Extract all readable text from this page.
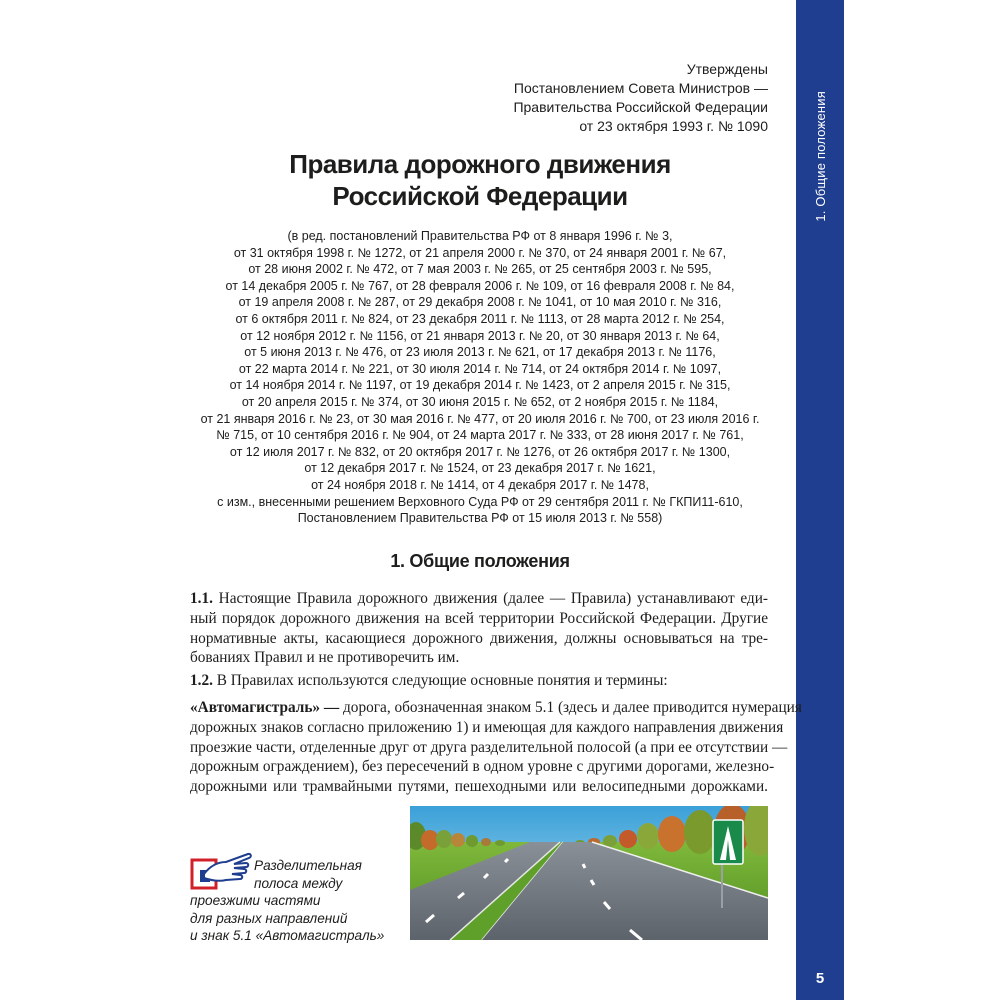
1. Общие положения
5
Утверждены
Постановлением Совета Министров —
Правительства Российской Федерации
от 23 октября 1993 г. № 1090
Правила дорожного движения
Российской Федерации
(в ред. постановлений Правительства РФ от 8 января 1996 г. № 3,
от 31 октября 1998 г. № 1272, от 21 апреля 2000 г. № 370, от 24 января 2001 г. № 67,
от 28 июня 2002 г. № 472, от 7 мая 2003 г. № 265, от 25 сентября 2003 г. № 595,
от 14 декабря 2005 г. № 767, от 28 февраля 2006 г. № 109, от 16 февраля 2008 г. № 84,
от 19 апреля 2008 г. № 287, от 29 декабря 2008 г. № 1041, от 10 мая 2010 г. № 316,
от 6 октября 2011 г. № 824, от 23 декабря 2011 г. № 1113, от 28 марта 2012 г. № 254,
от 12 ноября 2012 г. № 1156, от 21 января 2013 г. № 20, от 30 января 2013 г. № 64,
от 5 июня 2013 г. № 476, от 23 июля 2013 г. № 621, от 17 декабря 2013 г. № 1176,
от 22 марта 2014 г. № 221, от 30 июля 2014 г. № 714, от 24 октября 2014 г. № 1097,
от 14 ноября 2014 г. № 1197, от 19 декабря 2014 г. № 1423, от 2 апреля 2015 г. № 315,
от 20 апреля 2015 г. № 374, от 30 июня 2015 г. № 652, от 2 ноября 2015 г. № 1184,
от 21 января 2016 г. № 23, от 30 мая 2016 г. № 477, от 20 июля 2016 г. № 700, от 23 июля 2016 г.
№ 715, от 10 сентября 2016 г. № 904, от 24 марта 2017 г. № 333, от 28 июня 2017 г. № 761,
от 12 июля 2017 г. № 832, от 20 октября 2017 г. № 1276, от 26 октября 2017 г. № 1300,
от 12 декабря 2017 г. № 1524, от 23 декабря 2017 г. № 1621,
от 24 ноября 2018 г. № 1414, от 4 декабря 2017 г. № 1478,
с изм., внесенными решением Верховного Суда РФ от 29 сентября 2011 г. № ГКПИ11-610,
Постановлением Правительства РФ от 15 июля 2013 г. № 558)
1. Общие положения
1.1. Настоящие Правила дорожного движения (далее — Правила) устанавливают еди-
ный порядок дорожного движения на всей территории Российской Федерации. Другие
нормативные акты, касающиеся дорожного движения, должны основываться на тре-
бованиях Правил и не противоречить им.
1.2. В Правилах используются следующие основные понятия и термины:
«Автомагистраль» — дорога, обозначенная знаком 5.1 (здесь и далее приводится нумерация
дорожных знаков согласно приложению 1) и имеющая для каждого направления движения
проезжие части, отделенные друг от друга разделительной полосой (а при ее отсутствии —
дорожным ограждением), без пересечений в одном уровне с другими дорогами, железно-
дорожными или трамвайными путями, пешеходными или велосипедными дорожками.
Разделительная
полоса между
проезжими частями
для разных направлений
и знак 5.1 «Автомагистраль»
